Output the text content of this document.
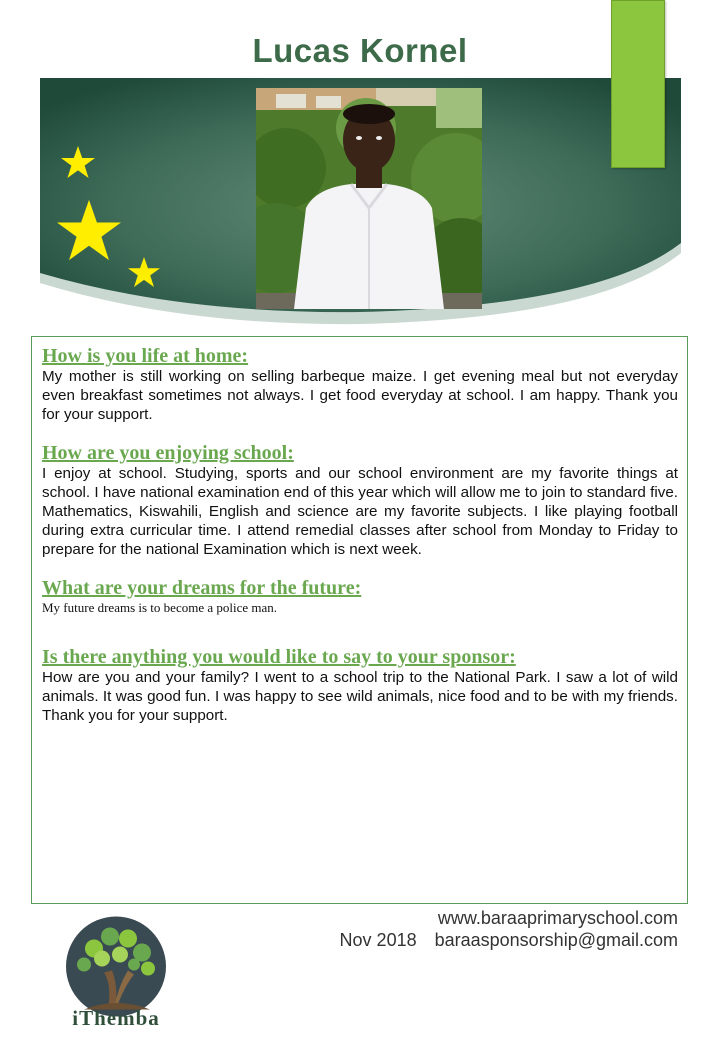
Lucas Kornel

How is you life at home:

My mother is still working on selling barbeque maize. I get evening meal but not everyday even breakfast sometimes not always. I get food everyday at school. I am happy. Thank you for your support.

How are you enjoying school:

I enjoy at school. Studying, sports and our school environment are my favorite things at school. I have national examination end of this year which will allow me to join to standard five. Mathematics, Kiswahili, English and science are my favorite subjects. I like playing football during extra curricular time. I attend remedial classes after school from Monday to Friday to prepare for the national Examination which is next week.

What are your dreams for the future:

My future dreams is to become a police man.

Is there anything you would like to say to your sponsor:

How are you and your family? I went to a school trip to the National Park. I saw a lot of wild animals. It was good fun. I was happy to see wild animals, nice food and to be with my friends. Thank you for your support.

iThemba
www.baraaprimaryschool.com
Nov 2018 baraasponsorship@gmail.com
